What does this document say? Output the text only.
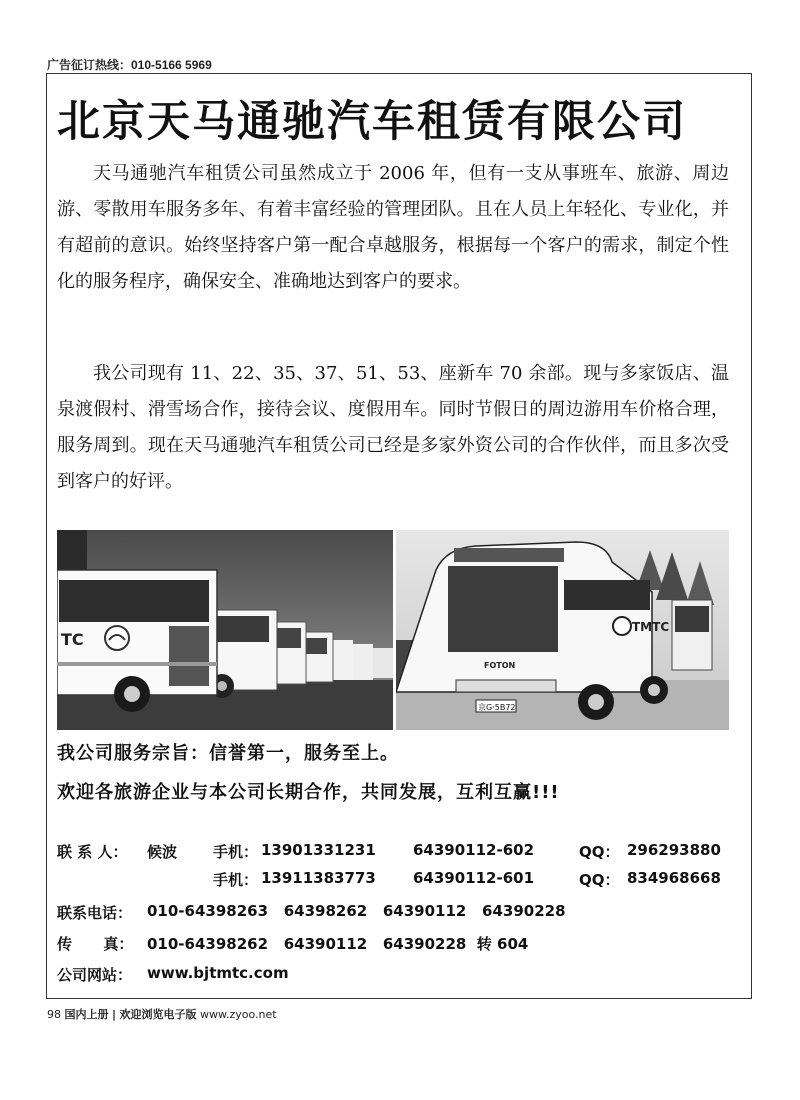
广告征订热线：010-5166 5969
北京天马通驰汽车租赁有限公司

天马通驰汽车租赁公司虽然成立于 2006 年，但有一支从事班车、旅游、周边游、零散用车服务多年、有着丰富经验的管理团队。且在人员上年轻化、专业化，并有超前的意识。始终坚持客户第一配合卓越服务，根据每一个客户的需求，制定个性化的服务程序，确保安全、准确地达到客户的要求。

我公司现有 11、22、35、37、51、53、座新车 70 余部。现与多家饭店、温泉渡假村、滑雪场合作，接待会议、度假用车。同时节假日的周边游用车价格合理，服务周到。现在天马通驰汽车租赁公司已经是多家外资公司的合作伙伴，而且多次受到客户的好评。

TC
TMTC
FOTON
京G·5B72
我公司服务宗旨：信誉第一，服务至上。
欢迎各旅游企业与本公司长期合作，共同发展，互利互赢!!!
联 系 人： 候波 手机： 13901331231 64390112-602	QQ： 296293880
手机： 13911383773 64390112-601	QQ： 834968668
联系电话： 010-64398263   64398262   64390112   64390228
传      真： 010-64398262   64390112   64390228  转 604
公司网站： www.bjtmtc.com
98 国内上册 | 欢迎浏览电子版 www.zyoo.net
